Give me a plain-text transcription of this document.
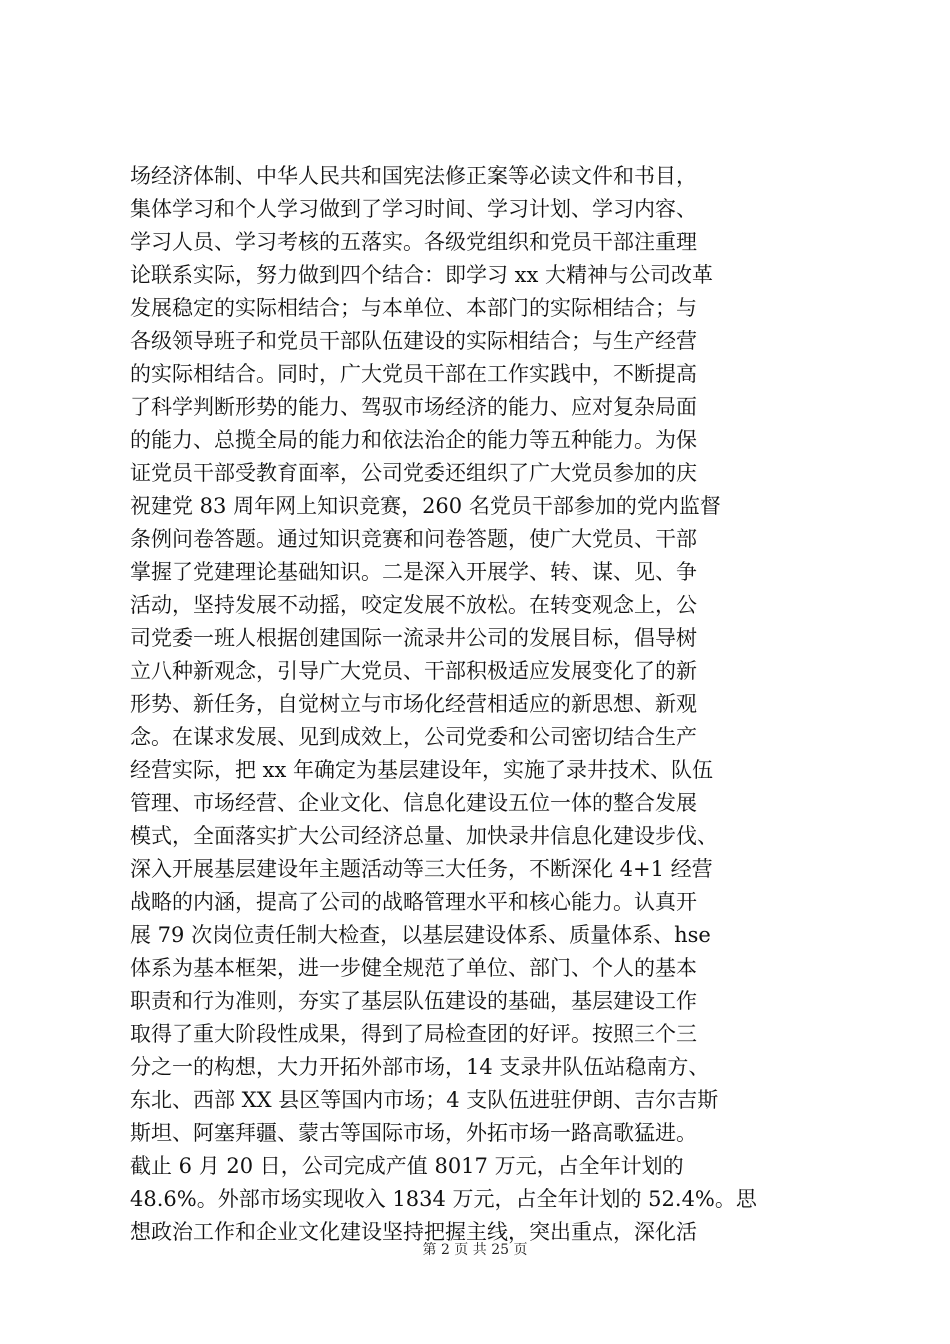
场经济体制、中华人民共和国宪法修正案等必读文件和书目，
集体学习和个人学习做到了学习时间、学习计划、学习内容、
学习人员、学习考核的五落实。各级党组织和党员干部注重理
论联系实际，努力做到四个结合：即学习 xx 大精神与公司改革
发展稳定的实际相结合；与本单位、本部门的实际相结合；与
各级领导班子和党员干部队伍建设的实际相结合；与生产经营
的实际相结合。同时，广大党员干部在工作实践中，不断提高
了科学判断形势的能力、驾驭市场经济的能力、应对复杂局面
的能力、总揽全局的能力和依法治企的能力等五种能力。为保
证党员干部受教育面率，公司党委还组织了广大党员参加的庆
祝建党 83 周年网上知识竞赛，260 名党员干部参加的党内监督
条例问卷答题。通过知识竞赛和问卷答题，使广大党员、干部
掌握了党建理论基础知识。二是深入开展学、转、谋、见、争
活动，坚持发展不动摇，咬定发展不放松。在转变观念上，公
司党委一班人根据创建国际一流录井公司的发展目标，倡导树
立八种新观念，引导广大党员、干部积极适应发展变化了的新
形势、新任务，自觉树立与市场化经营相适应的新思想、新观
念。在谋求发展、见到成效上，公司党委和公司密切结合生产
经营实际，把 xx 年确定为基层建设年，实施了录井技术、队伍
管理、市场经营、企业文化、信息化建设五位一体的整合发展
模式，全面落实扩大公司经济总量、加快录井信息化建设步伐、
深入开展基层建设年主题活动等三大任务，不断深化 4+1 经营
战略的内涵，提高了公司的战略管理水平和核心能力。认真开
展 79 次岗位责任制大检查，以基层建设体系、质量体系、hse
体系为基本框架，进一步健全规范了单位、部门、个人的基本
职责和行为准则，夯实了基层队伍建设的基础，基层建设工作
取得了重大阶段性成果，得到了局检查团的好评。按照三个三
分之一的构想，大力开拓外部市场，14 支录井队伍站稳南方、
东北、西部 XX 县区等国内市场；4 支队伍进驻伊朗、吉尔吉斯
斯坦、阿塞拜疆、蒙古等国际市场，外拓市场一路高歌猛进。
截止 6 月 20 日，公司完成产值 8017 万元，占全年计划的
48.6%。外部市场实现收入 1834 万元，占全年计划的 52.4%。思
想政治工作和企业文化建设坚持把握主线，突出重点，深化活
第 2 页 共 25 页
